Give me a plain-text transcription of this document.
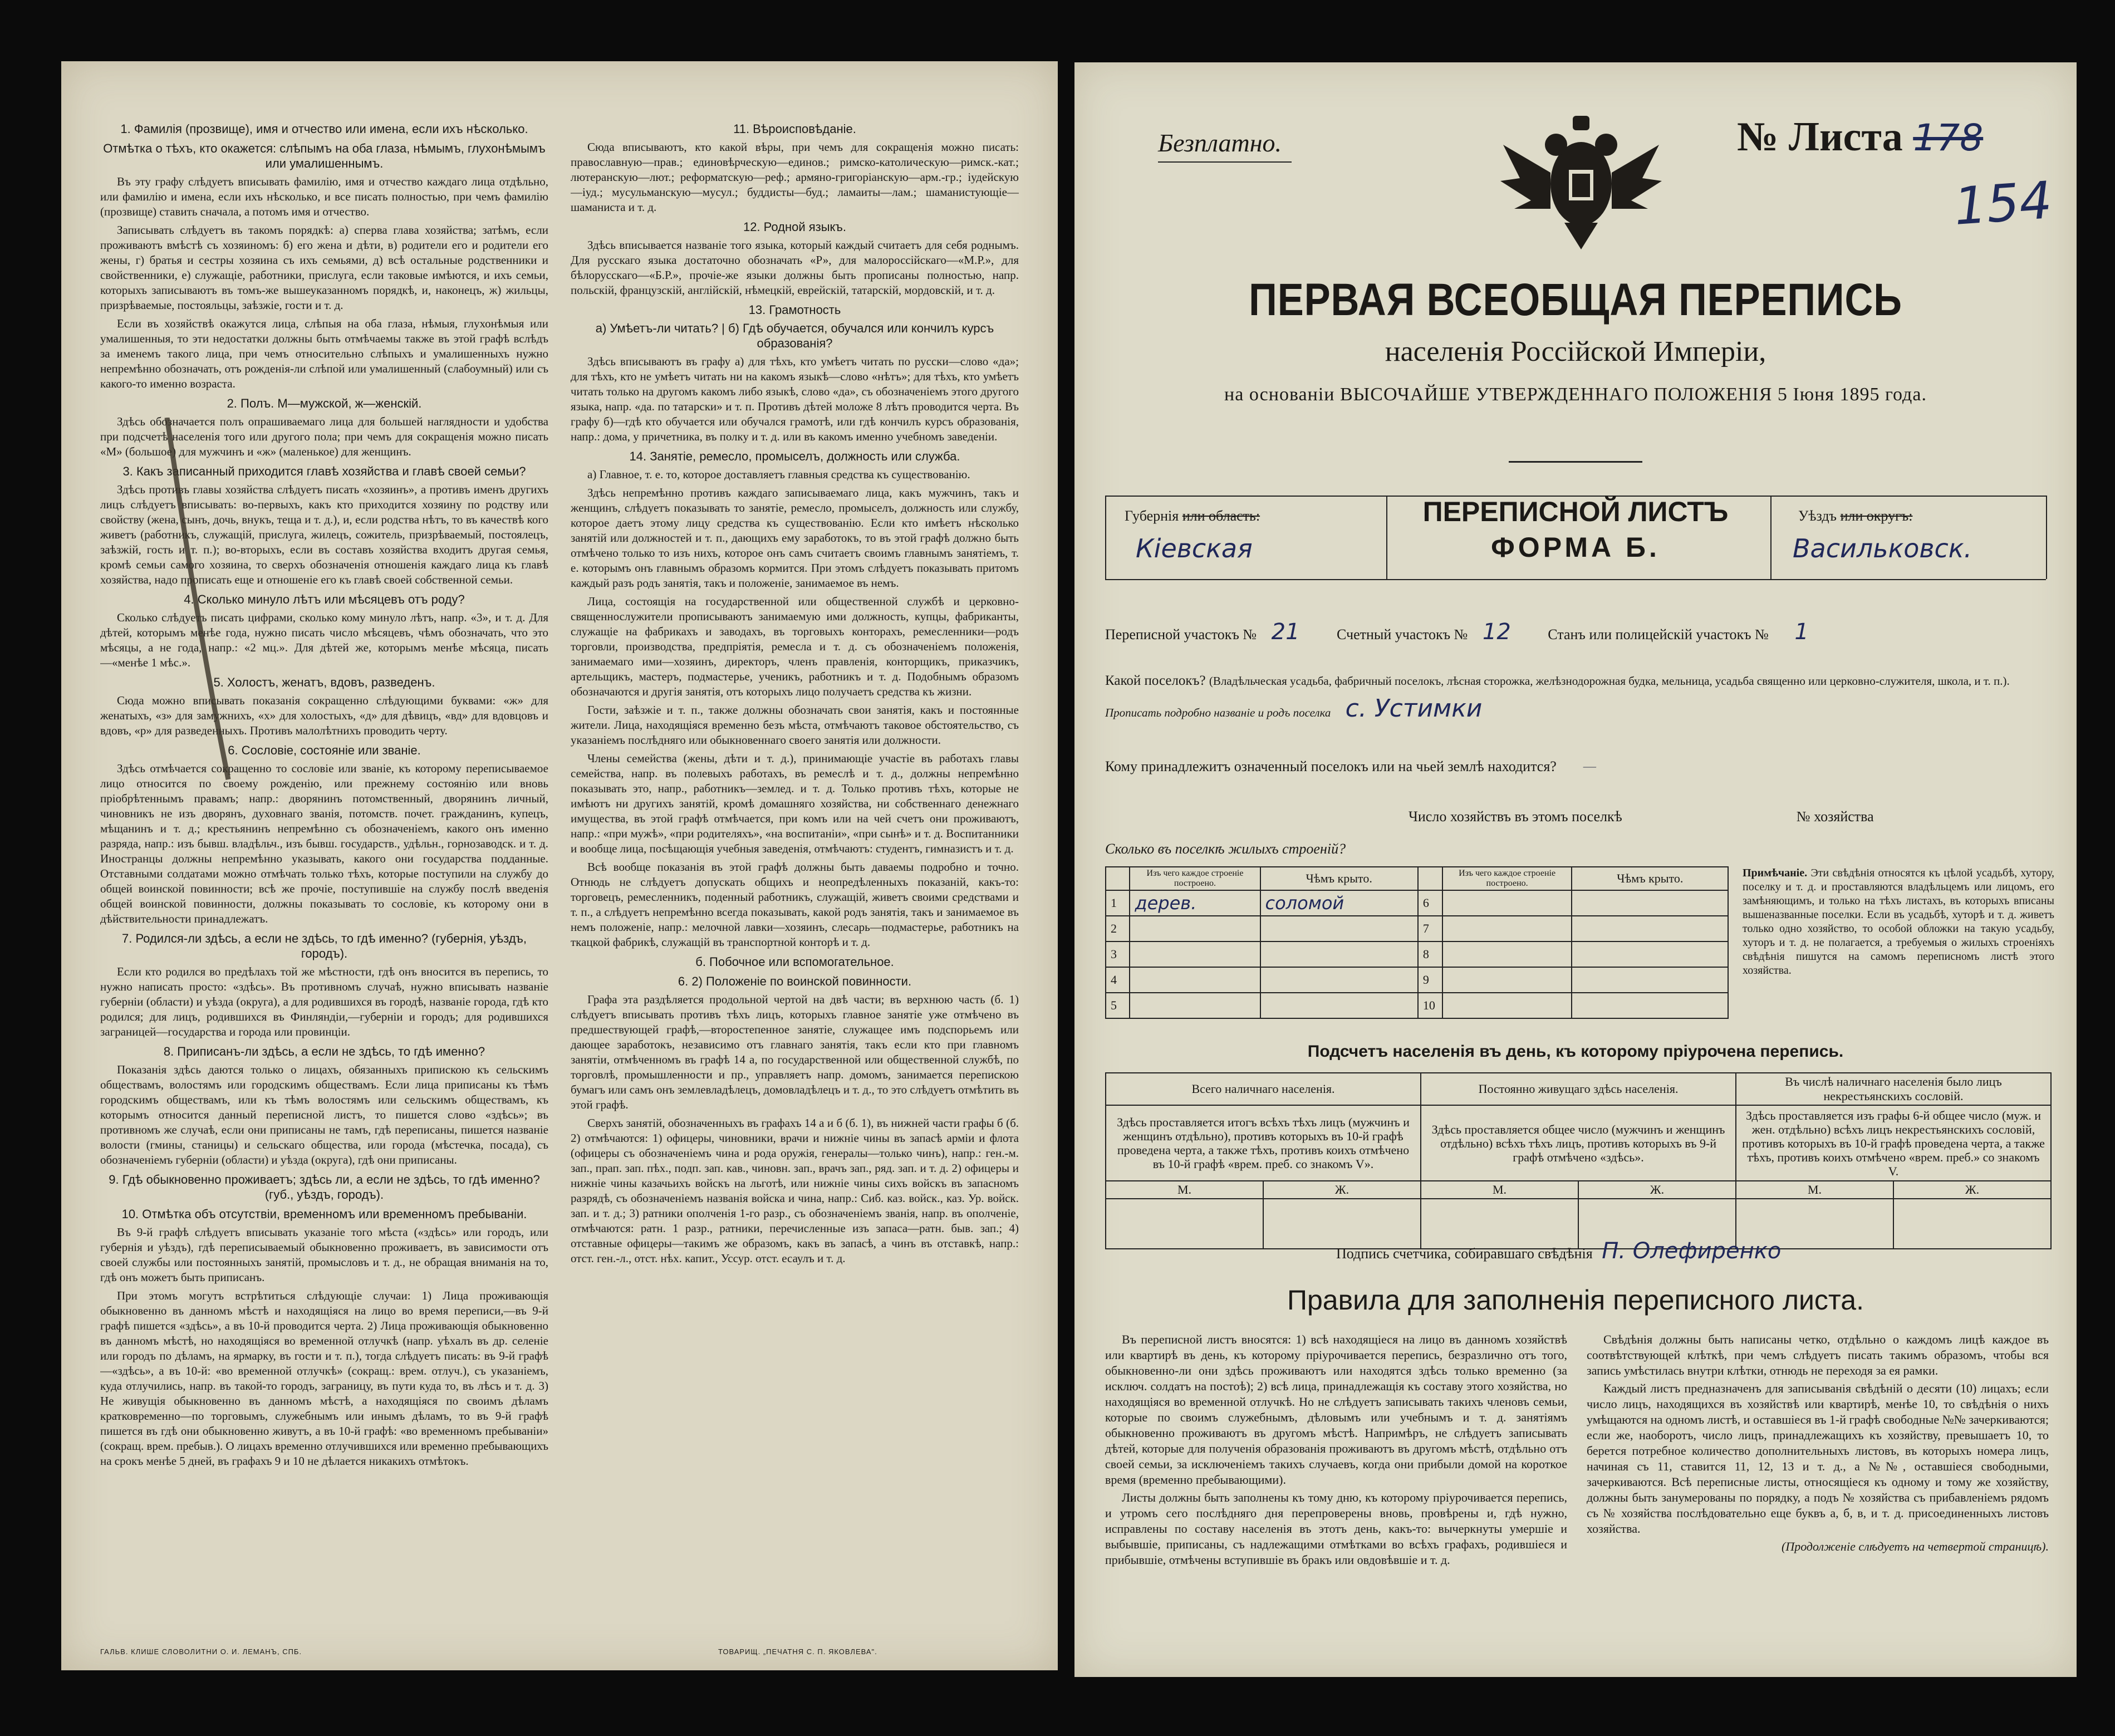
1. Фамилія (прозвище), имя и отчество или имена, если ихъ нѣсколько.
Отмѣтка о тѣхъ, кто окажется: слѣпымъ на оба глаза, нѣмымъ, глухонѣмымъ или умалишеннымъ.

Въ эту графу слѣдуетъ вписывать фамилію, имя и отчество каждаго лица отдѣльно, или фамилію и имена, если ихъ нѣсколько, и все писать полностью, при чемъ фамилію (прозвище) ставить сначала, а потомъ имя и отчество.

Записывать слѣдуетъ въ такомъ порядкѣ: а) сперва глава хозяйства; затѣмъ, если проживаютъ вмѣстѣ съ хозяиномъ: б) его жена и дѣти, в) родители его и родители его жены, г) братья и сестры хозяина съ ихъ семьями, д) всѣ остальные родственники и свойственники, е) служащіе, работники, прислуга, если таковые имѣются, и ихъ семьи, которыхъ записываютъ въ томъ-же вышеуказанномъ порядкѣ, и, наконецъ, ж) жильцы, призрѣваемые, постояльцы, заѣзжіе, гости и т. д.

Если въ хозяйствѣ окажутся лица, слѣпыя на оба глаза, нѣмыя, глухонѣмыя или умалишенныя, то эти недостатки должны быть отмѣчаемы также въ этой графѣ вслѣдъ за именемъ такого лица, при чемъ относительно слѣпыхъ и умалишенныхъ нужно непремѣнно обозначать, отъ рожденія-ли слѣпой или умалишенный (слабоумный) или съ какого-то именно возраста.

2. Полъ. М—мужской, ж—женскій.

Здѣсь обозначается полъ опрашиваемаго лица для большей наглядности и удобства при подсчетѣ населенія того или другого пола; при чемъ для сокращенія можно писать «М» (большое) для мужчинъ и «ж» (маленькое) для женщинъ.

3. Какъ записанный приходится главѣ хозяйства и главѣ своей семьи?

Здѣсь противъ главы хозяйства слѣдуетъ писать «хозяинъ», а противъ именъ другихъ лицъ слѣдуетъ вписывать: во-первыхъ, какъ кто приходится хозяину по родству или свойству (жена, сынъ, дочь, внукъ, теща и т. д.), и, если родства нѣтъ, то въ качествѣ кого живетъ (работникъ, служащій, прислуга, жилецъ, сожитель, призрѣваемый, постоялецъ, заѣзжій, гость и т. п.); во-вторыхъ, если въ составъ хозяйства входитъ другая семья, кромѣ семьи самого хозяина, то сверхъ обозначенія отношенія каждаго лица къ главѣ хозяйства, надо прописать еще и отношеніе его къ главѣ своей собственной семьи.

4. Сколько минуло лѣтъ или мѣсяцевъ отъ роду?

Сколько слѣдуетъ писать цифрами, сколько кому минуло лѣтъ, напр. «3», и т. д. Для дѣтей, которымъ менѣе года, нужно писать число мѣсяцевъ, чѣмъ обозначать, что это мѣсяцы, а не года, напр.: «2 мц.». Для дѣтей же, которымъ менѣе мѣсяца, писать—«менѣе 1 мѣс.».

5. Холостъ, женатъ, вдовъ, разведенъ.

Сюда можно вписывать показанія сокращенно слѣдующими буквами: «ж» для женатыхъ, «з» для замужнихъ, «х» для холостыхъ, «д» для дѣвицъ, «вд» для вдовцовъ и вдовъ, «р» для разведенныхъ. Противъ малолѣтнихъ проводить черту.

6. Сословіе, состояніе или званіе.

Здѣсь отмѣчается сокращенно то сословіе или званіе, къ которому переписываемое лицо относится по своему рожденію, или прежнему состоянію или вновь пріобрѣтеннымъ правамъ; напр.: дворянинъ потомственный, дворянинъ личный, чиновникъ не изъ дворянъ, духовнаго званія, потомств. почет. гражданинъ, купецъ, мѣщанинъ и т. д.; крестьянинъ непремѣнно съ обозначеніемъ, какого онъ именно разряда, напр.: изъ бывш. владѣльч., изъ бывш. государств., удѣльн., горнозаводск. и т. д. Иностранцы должны непремѣнно указывать, какого они государства подданные. Отставными солдатами можно отмѣчать только тѣхъ, которые поступили на службу до общей воинской повинности; всѣ же прочіе, поступившіе на службу послѣ введенія общей воинской повинности, должны показывать то сословіе, къ которому они в дѣйствительности принадлежатъ.

7. Родился-ли здѣсь, а если не здѣсь, то гдѣ именно? (губернія, уѣздъ, городъ).

Если кто родился во предѣлахъ той же мѣстности, гдѣ онъ вносится въ перепись, то нужно написать просто: «здѣсь». Въ противномъ случаѣ, нужно вписывать названіе губерніи (области) и уѣзда (округа), а для родившихся въ городѣ, названіе города, гдѣ кто родился; для лицъ, родившихся въ Финляндіи,—губерніи и городъ; для родившихся заграницей—государства и города или провинціи.

8. Приписанъ-ли здѣсь, а если не здѣсь, то гдѣ именно?

Показанія здѣсь даются только о лицахъ, обязанныхъ припискою къ сельскимъ обществамъ, волостямъ или городскимъ обществамъ. Если лица приписаны къ тѣмъ городскимъ обществамъ, или къ тѣмъ волостямъ или сельскимъ обществамъ, къ которымъ относится данный переписной листъ, то пишется слово «здѣсь»; въ противномъ же случаѣ, если они приписаны не тамъ, гдѣ переписаны, пишется названіе волости (гмины, станицы) и сельскаго общества, или города (мѣстечка, посада), съ обозначеніемъ губерніи (области) и уѣзда (округа), гдѣ они приписаны.

9. Гдѣ обыкновенно проживаетъ; здѣсь ли, а если не здѣсь, то гдѣ именно? (губ., уѣздъ, городъ).
10. Отмѣтка объ отсутствіи, временномъ или временномъ пребываніи.

Въ 9-й графѣ слѣдуетъ вписывать указаніе того мѣста («здѣсь» или городъ, или губернія и уѣздъ), гдѣ переписываемый обыкновенно проживаетъ, въ зависимости отъ своей службы или постоянныхъ занятій, промысловъ и т. д., не обращая вниманія на то, гдѣ онъ можетъ быть приписанъ.

При этомъ могутъ встрѣтиться слѣдующіе случаи: 1) Лица проживающія обыкновенно въ данномъ мѣстѣ и находящіяся на лицо во время переписи,—въ 9-й графѣ пишется «здѣсь», а въ 10-й проводится черта. 2) Лица проживающія обыкновенно въ данномъ мѣстѣ, но находящіяся во временной отлучкѣ (напр. уѣхалъ въ др. селеніе или городъ по дѣламъ, на ярмарку, въ гости и т. п.), тогда слѣдуетъ писать: въ 9-й графѣ—«здѣсь», а въ 10-й: «во временной отлучкѣ» (сокращ.: врем. отлуч.), съ указаніемъ, куда отлучились, напр. въ такой-то городъ, заграницу, въ пути куда то, въ лѣсъ и т. д. 3) Не живущія обыкновенно въ данномъ мѣстѣ, а находящіяся по своимъ дѣламъ кратковременно—по торговымъ, служебнымъ или инымъ дѣламъ, то въ 9-й графѣ пишется въ гдѣ они обыкновенно живутъ, а въ 10-й графѣ: «во временномъ пребываніи» (сокращ. врем. пребыв.). О лицахъ временно отлучившихся или временно пребывающихъ на срокъ менѣе 5 дней, въ графахъ 9 и 10 не дѣлается никакихъ отмѣтокъ.

11. Вѣроисповѣданіе.

Сюда вписываютъ, кто какой вѣры, при чемъ для сокращенія можно писать: православную—прав.; единовѣрческую—единов.; римско-католическую—римск.-кат.; лютеранскую—лют.; реформатскую—реф.; армяно-григоріанскую—арм.-гр.; іудейскую—іуд.; мусульманскую—мусул.; буддисты—буд.; ламаиты—лам.; шаманистующіе—шаманиста и т. д.

12. Родной языкъ.

Здѣсь вписывается названіе того языка, который каждый считаетъ для себя роднымъ. Для русскаго языка достаточно обозначать «Р», для малороссійскаго—«М.Р.», для бѣлорусскаго—«Б.Р.», прочіе-же языки должны быть прописаны полностью, напр. польскій, французскій, англійскій, нѣмецкій, еврейскій, татарскій, мордовскій, и т. д.

13. Грамотность
а) Умѣетъ-ли читать? | б) Гдѣ обучается, обучался или кончилъ курсъ образованія?

Здѣсь вписываютъ въ графу а) для тѣхъ, кто умѣетъ читать по русски—слово «да»; для тѣхъ, кто не умѣетъ читать ни на какомъ языкѣ—слово «нѣтъ»; для тѣхъ, кто умѣетъ читать только на другомъ какомъ либо языкѣ, слово «да», съ обозначеніемъ этого другого языка, напр. «да. по татарски» и т. п. Противъ дѣтей моложе 8 лѣтъ проводится черта. Въ графу б)—гдѣ кто обучается или обучался грамотѣ, или гдѣ кончилъ курсъ образованія, напр.: дома, у причетника, въ полку и т. д. или въ какомъ именно учебномъ заведеніи.

14. Занятіе, ремесло, промыселъ, должность или служба.

а) Главное, т. е. то, которое доставляетъ главныя средства къ существованію.

Здѣсь непремѣнно противъ каждаго записываемаго лица, какъ мужчинъ, такъ и женщинъ, слѣдуетъ показывать то занятіе, ремесло, промыселъ, должность или службу, которое даетъ этому лицу средства къ существованію. Если кто имѣетъ нѣсколько занятій или должностей и т. п., дающихъ ему заработокъ, то въ этой графѣ должно быть отмѣчено только то изъ нихъ, которое онъ самъ считаетъ своимъ главнымъ занятіемъ, т. е. которымъ онъ главнымъ образомъ кормится. При этомъ слѣдуетъ показывать притомъ каждый разъ родъ занятія, такъ и положеніе, занимаемое въ немъ.

Лица, состоящія на государственной или общественной службѣ и церковно-священнослужители прописываютъ занимаемую ими должность, купцы, фабриканты, служащіе на фабрикахъ и заводахъ, въ торговыхъ конторахъ, ремесленники—родъ торговли, производства, предпріятія, ремесла и т. д. съ обозначеніемъ положенія, занимаемаго ими—хозяинъ, директоръ, членъ правленія, конторщикъ, приказчикъ, артельщикъ, мастеръ, подмастерье, ученикъ, работникъ и т. д. Подобнымъ образомъ обозначаются и другія занятія, отъ которыхъ лицо получаетъ средства къ жизни.

Гости, заѣзжіе и т. п., также должны обозначать свои занятія, какъ и постоянные жители. Лица, находящіяся временно безъ мѣста, отмѣчаютъ таковое обстоятельство, съ указаніемъ послѣдняго или обыкновеннаго своего занятія или должности.

Члены семейства (жены, дѣти и т. д.), принимающіе участіе въ работахъ главы семейства, напр. въ полевыхъ работахъ, въ ремеслѣ и т. д., должны непремѣнно показывать это, напр., работникъ—землед. и т. д. Только противъ тѣхъ, которые не имѣютъ ни другихъ занятій, кромѣ домашняго хозяйства, ни собственнаго денежнаго имущества, въ этой графѣ отмѣчается, при комъ или на чей счетъ они проживаютъ, напр.: «при мужѣ», «при родителяхъ», «на воспитаніи», «при сынѣ» и т. д. Воспитанники и вообще лица, посѣщающія учебныя заведенія, отмѣчаютъ: студентъ, гимназистъ и т. д.

Всѣ вообще показанія въ этой графѣ должны быть даваемы подробно и точно. Отнюдь не слѣдуетъ допускать общихъ и неопредѣленныхъ показаній, какъ-то: торговецъ, ремесленникъ, поденный работникъ, служащій, живетъ своими средствами и т. п., а слѣдуетъ непремѣнно всегда показывать, какой родъ занятія, такъ и занимаемое въ немъ положеніе, напр.: мелочной лавки—хозяинъ, слесарь—подмастерье, работникъ на ткацкой фабрикѣ, служащій въ транспортной конторѣ и т. д.

б. Побочное или вспомогательное.
6. 2) Положеніе по воинской повинности.

Графа эта раздѣляется продольной чертой на двѣ части; въ верхнюю часть (б. 1) слѣдуетъ вписывать противъ тѣхъ лицъ, которыхъ главное занятіе уже отмѣчено въ предшествующей графѣ,—второстепенное занятіе, служащее имъ подспорьемъ или дающее заработокъ, независимо отъ главнаго занятія, такъ если кто при главномъ занятіи, отмѣченномъ въ графѣ 14 а, по государственной или общественной службѣ, по торговлѣ, промышленности и пр., управляетъ напр. домомъ, занимается перепискою бумагъ или самъ онъ землевладѣлецъ, домовладѣлецъ и т. д., то это слѣдуетъ отмѣтить въ этой графѣ.

Сверхъ занятій, обозначенныхъ въ графахъ 14 а и б (б. 1), въ нижней части графы б (б. 2) отмѣчаются: 1) офицеры, чиновники, врачи и нижніе чины въ запасѣ арміи и флота (офицеры съ обозначеніемъ чина и рода оружія, генералы—только чинъ), напр.: ген.-м. зап., прап. зап. пѣх., подп. зап. кав., чиновн. зап., врачъ зап., ряд. зап. и т. д. 2) офицеры и нижніе чины казачьихъ войскъ на льготѣ, или нижніе чины сихъ войскъ въ запасномъ разрядѣ, съ обозначеніемъ названія войска и чина, напр.: Сиб. каз. войск., каз. Ур. войск. зап. и т. д.; 3) ратники ополченія 1-го разр., съ обозначеніемъ званія, напр. въ ополченіе, отмѣчаются: ратн. 1 разр., ратники, перечисленные изъ запаса—ратн. быв. зап.; 4) отставные офицеры—такимъ же образомъ, какъ въ запасѣ, а чинъ въ отставкѣ, напр.: отст. ген.-л., отст. нѣх. капит., Уссур. отст. есаулъ и т. д.

ГАЛЬВ. КЛИШЕ СЛОВОЛИТНИ О. И. ЛЕМАНЪ, СПБ.	ТОВАРИЩ. „ПЕЧАТНЯ С. П. ЯКОВЛЕВА".
Безплатно.	№ Листа 178
154
ПЕРВАЯ ВСЕОБЩАЯ ПЕРЕПИСЬ
населенія Россійской Имперіи,
на основаніи ВЫСОЧАЙШЕ УТВЕРЖДЕННАГО ПОЛОЖЕНІЯ 5 Іюня 1895 года.
ПЕРЕПИСНОЙ ЛИСТЪ
ФОРМА Б.
Губернія или область:
Кіевская
Уѣздъ или округъ:
Васильковск.
Переписной участокъ № 21	Счетный участокъ № 12	Станъ или полицейскій участокъ № 1
Какой поселокъ? (Владѣльческая усадьба, фабричный поселокъ, лѣсная сторожка, желѣзнодорожная будка, мельница, усадьба священно или церковно-служителя, школа, и т. п.). Прописать подробно названіе и родъ поселка с. Устимки
Кому принадлежитъ означенный поселокъ или на чьей землѣ находится? —
Число хозяйствъ въ этомъ поселкѣ	№ хозяйства
Сколько въ поселкѣ жилыхъ строеній?
	Изъ чего каждое строеніе построено.	Чѣмъ крыто.		Изъ чего каждое строеніе построено.	Чѣмъ крыто.
1	дерев.	соломой	6		
2			7		
3			8		
4			9		
5			10		
Примѣчаніе. Эти свѣдѣнія относятся къ цѣлой усадьбѣ, хутору, поселку и т. д. и проставляются владѣльцемъ или лицомъ, его замѣняющимъ, и только на тѣхъ листахъ, въ которыхъ вписаны вышеназванные поселки. Если въ усадьбѣ, хуторѣ и т. д. живетъ только одно хозяйство, то особой обложки на такую усадьбу, хуторъ и т. д. не полагается, а требуемыя о жилыхъ строеніяхъ свѣдѣнія пишутся на самомъ переписномъ листѣ этого хозяйства.
Подсчетъ населенія въ день, къ которому пріурочена перепись.
Всего наличнаго населенія.		Постоянно живущаго здѣсь населенія.		Въ числѣ наличнаго населенія было лицъ некрестьянскихъ сословій.	
Здѣсь проставляется итогъ всѣхъ тѣхъ лицъ (мужчинъ и женщинъ отдѣльно), противъ которыхъ въ 10-й графѣ проведена черта, а также тѣхъ, противъ коихъ отмѣчено въ 10-й графѣ «врем. преб. со знакомъ V».		Здѣсь проставляется общее число (мужчинъ и женщинъ отдѣльно) всѣхъ тѣхъ лицъ, противъ которыхъ въ 9-й графѣ отмѣчено «здѣсь».		Здѣсь проставляется изъ графы 6-й общее число (муж. и жен. отдѣльно) всѣхъ лицъ некрестьянскихъ сословій, противъ которыхъ въ 10-й графѣ проведена черта, а также тѣхъ, противъ коихъ отмѣчено «врем. преб.» со знакомъ V.	
М.	Ж.	М.	Ж.	М.	Ж.

Подпись счетчика, собиравшаго свѣдѣнія П. Олефиренко
Правила для заполненія переписного листа.

Въ переписной листъ вносятся: 1) всѣ находящіеся на лицо въ данномъ хозяйствѣ или квартирѣ въ день, къ которому пріурочивается перепись, безразлично отъ того, обыкновенно-ли они здѣсь проживаютъ или находятся здѣсь только временно (за исключ. солдатъ на постоѣ); 2) всѣ лица, принадлежащія къ составу этого хозяйства, но находящіяся во временной отлучкѣ. Но не слѣдуетъ записывать такихъ членовъ семьи, которые по своимъ служебнымъ, дѣловымъ или учебнымъ и т. д. занятіямъ обыкновенно проживаютъ въ другомъ мѣстѣ. Напримѣръ, не слѣдуетъ записывать дѣтей, которые для полученія образованія проживаютъ въ другомъ мѣстѣ, отдѣльно отъ своей семьи, за исключеніемъ такихъ случаевъ, когда они прибыли домой на короткое время (временно пребывающими).

Листы должны быть заполнены къ тому дню, къ которому пріурочивается перепись, и утромъ сего послѣдняго дня перепроверены вновь, провѣрены и, гдѣ нужно, исправлены по составу населенія въ этотъ день, какъ-то: вычеркнуты умершіе и выбывшіе, приписаны, съ надлежащими отмѣтками во всѣхъ графахъ, родившіеся и прибывшіе, отмѣчены вступившіе въ бракъ или овдовѣвшіе и т. д.

Свѣдѣнія должны быть написаны четко, отдѣльно о каждомъ лицѣ каждое въ соотвѣтствующей клѣткѣ, при чемъ слѣдуетъ писать такимъ образомъ, чтобы вся запись умѣстилась внутри клѣтки, отнюдь не переходя за ея рамки.

Каждый листъ предназначенъ для записыванія свѣдѣній о десяти (10) лицахъ; если число лицъ, находящихся въ хозяйствѣ или квартирѣ, менѣе 10, то свѣдѣнія о нихъ умѣщаются на одномъ листѣ, и оставшіеся въ 1-й графѣ свободные №№ зачеркиваются; если же, наоборотъ, число лицъ, принадлежащихъ къ хозяйству, превышаетъ 10, то берется потребное количество дополнительныхъ листовъ, въ которыхъ номера лицъ, начиная съ 11, ставится 11, 12, 13 и т. д., а №№, оставшіеся свободными, зачеркиваются. Всѣ переписные листы, относящіеся къ одному и тому же хозяйству, должны быть занумерованы по порядку, а подъ № хозяйства съ прибавленіемъ рядомъ съ № хозяйства послѣдовательно еще буквъ а, б, в, и т. д. присоединенныхъ листовъ хозяйства.

(Продолженіе слѣдуетъ на четвертой страницѣ).
